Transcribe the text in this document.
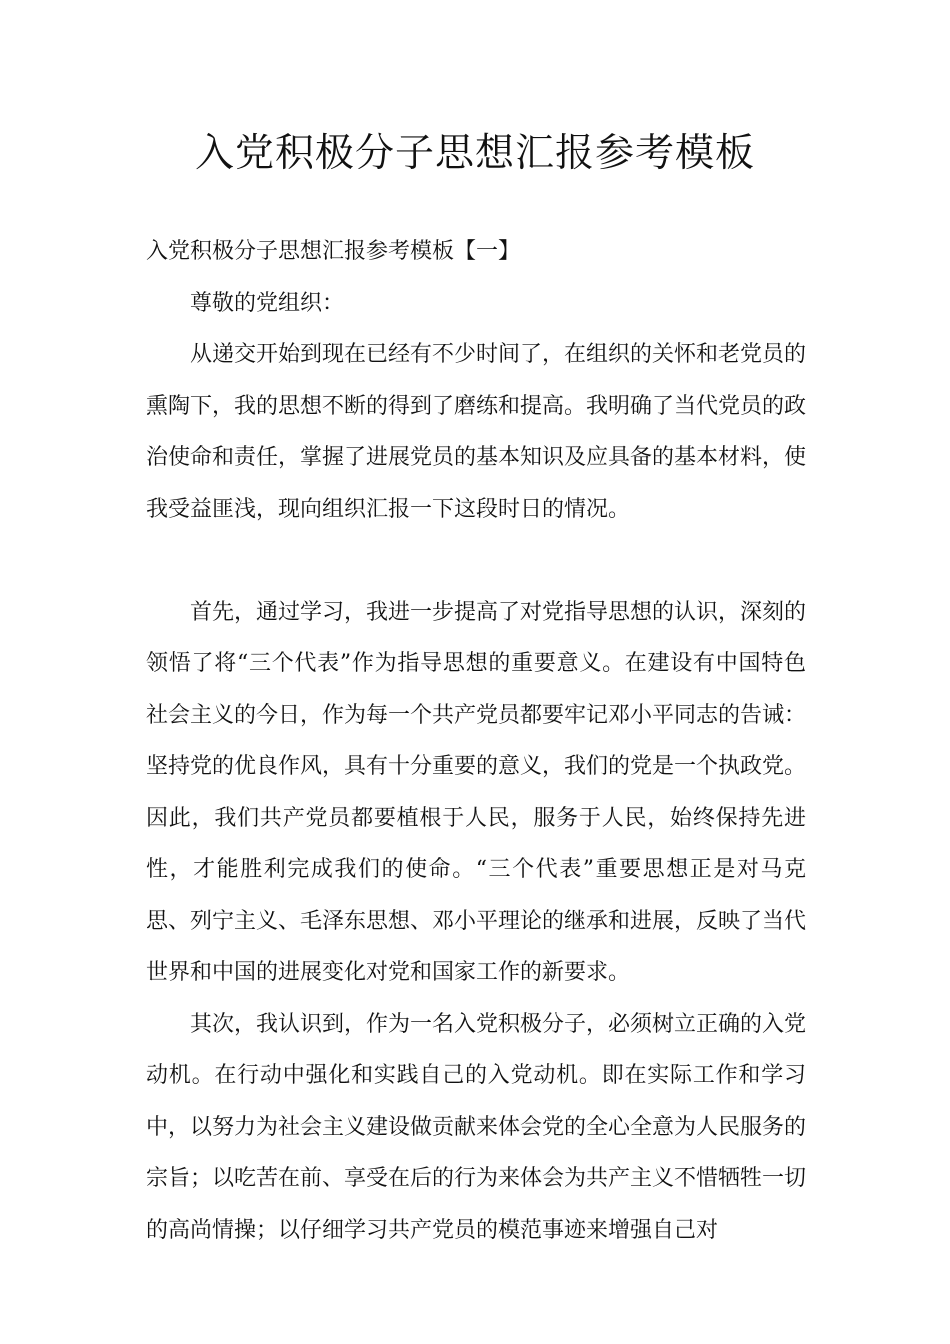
入党积极分子思想汇报参考模板

入党积极分子思想汇报参考模板【一】

尊敬的党组织：

从递交开始到现在已经有不少时间了，在组织的关怀和老党员的熏陶下，我的思想不断的得到了磨练和提高。我明确了当代党员的政治使命和责任，掌握了进展党员的基本知识及应具备的基本材料，使我受益匪浅，现向组织汇报一下这段时日的情况。

首先，通过学习，我进一步提高了对党指导思想的认识，深刻的领悟了将“三个代表”作为指导思想的重要意义。在建设有中国特色社会主义的今日，作为每一个共产党员都要牢记邓小平同志的告诫：坚持党的优良作风，具有十分重要的意义，我们的党是一个执政党。因此，我们共产党员都要植根于人民，服务于人民，始终保持先进性，才能胜利完成我们的使命。“三个代表”重要思想正是对马克思、列宁主义、毛泽东思想、邓小平理论的继承和进展，反映了当代世界和中国的进展变化对党和国家工作的新要求。

其次，我认识到，作为一名入党积极分子，必须树立正确的入党动机。在行动中强化和实践自己的入党动机。即在实际工作和学习中，以努力为社会主义建设做贡献来体会党的全心全意为人民服务的宗旨；以吃苦在前、享受在后的行为来体会为共产主义不惜牺牲一切的高尚情操；以仔细学习共产党员的模范事迹来增强自己对
